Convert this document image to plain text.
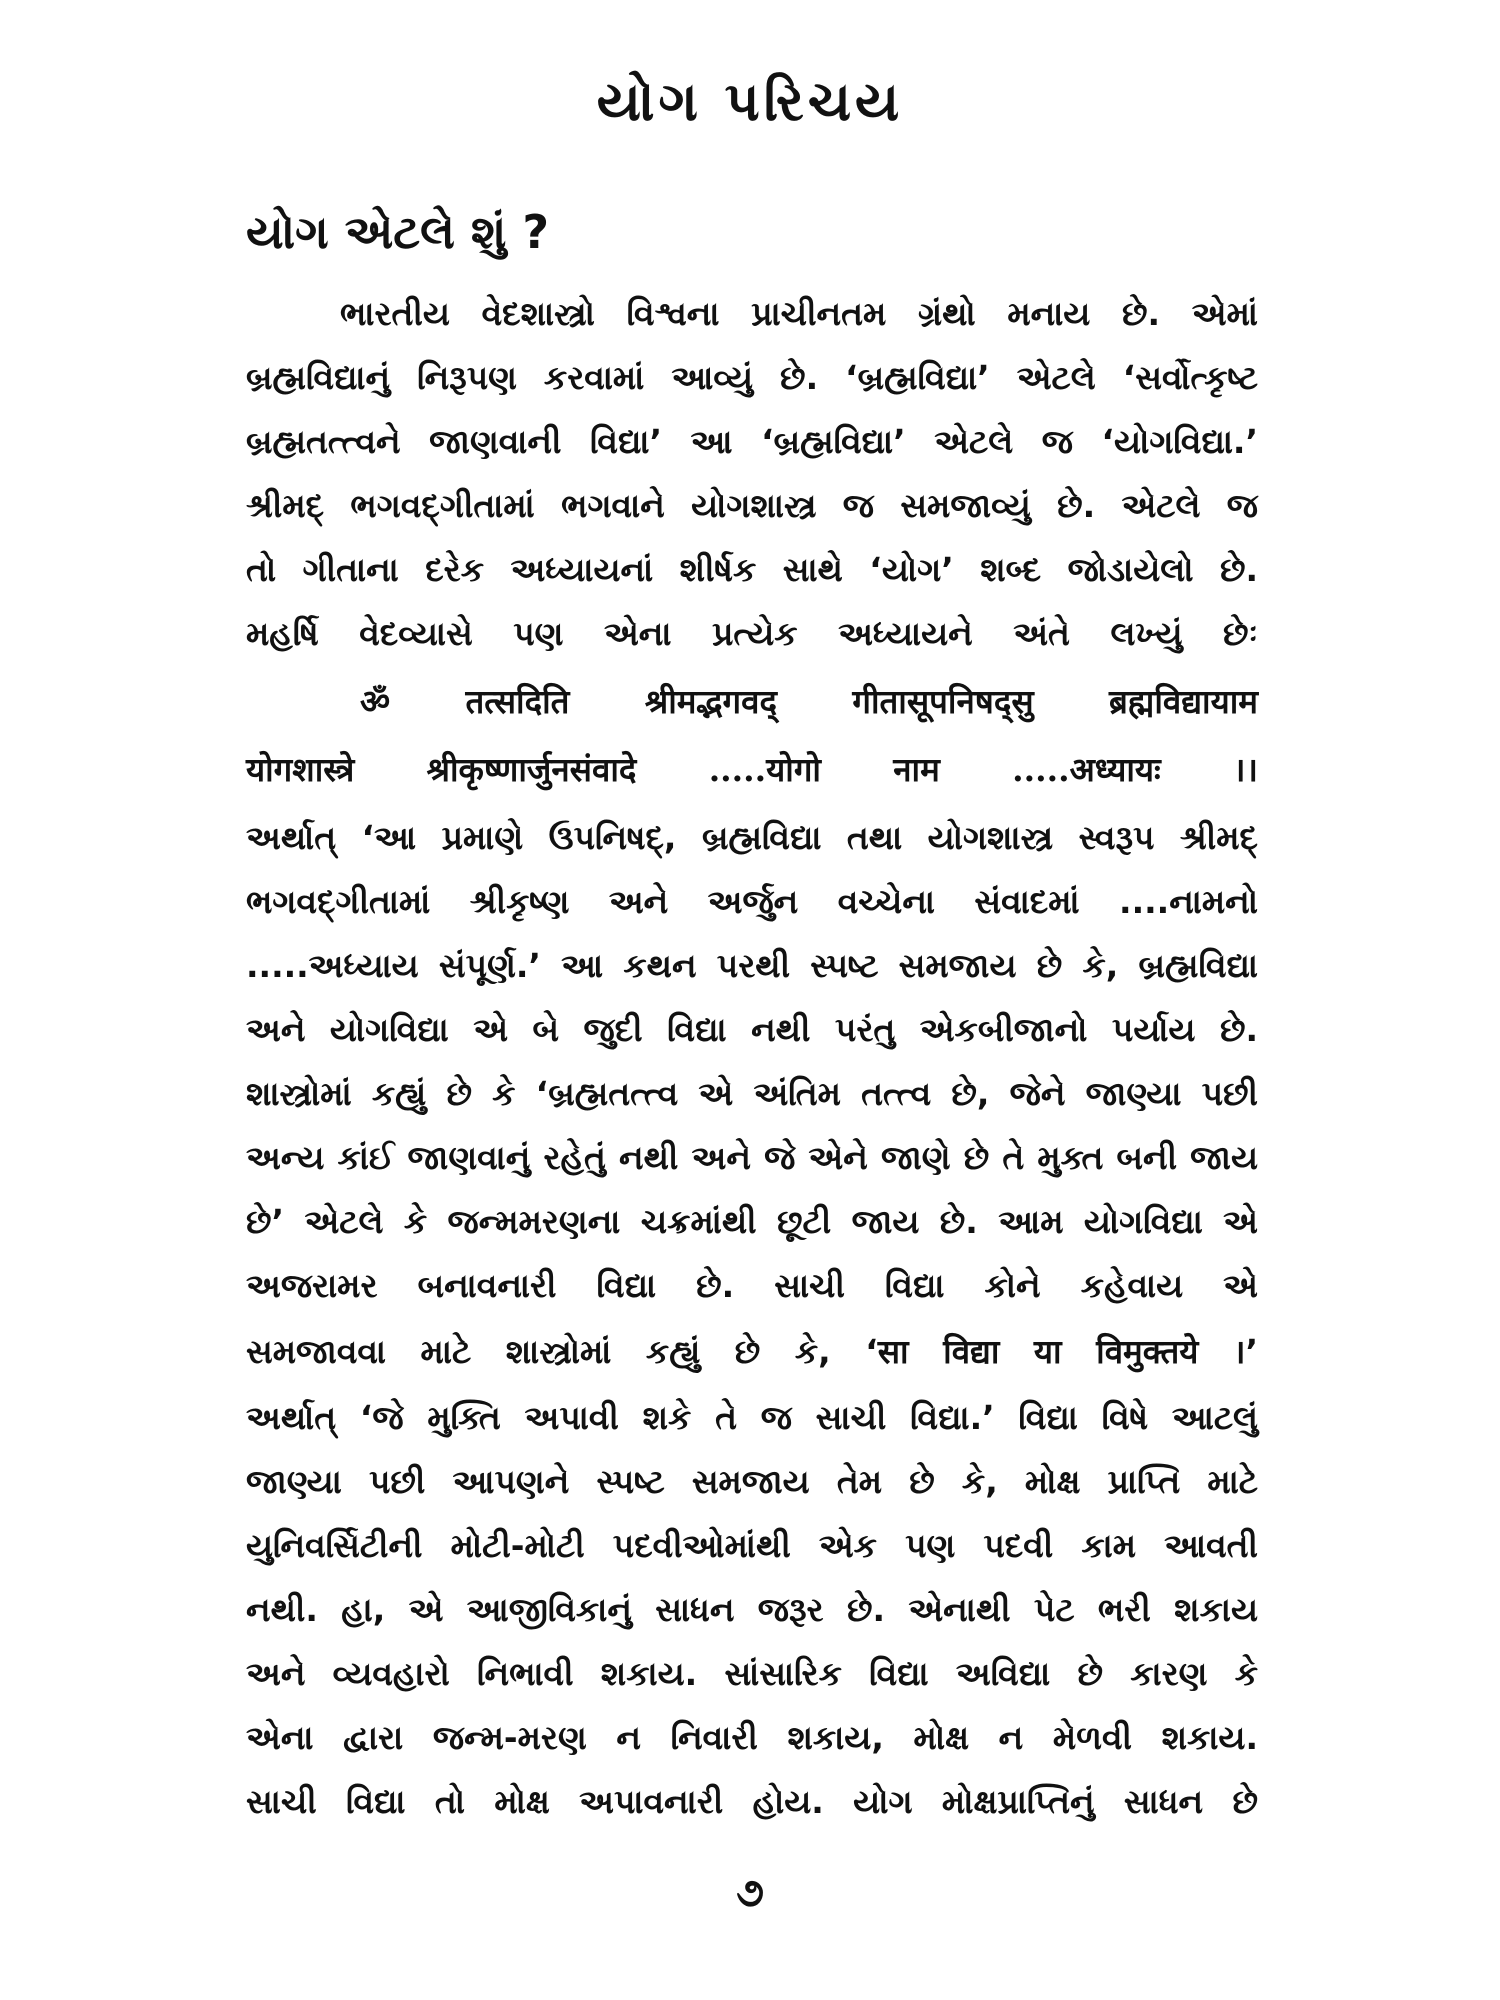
યોગ પરિચય
યોગ એટલે શું ?

ભારતીય વેદશાસ્ત્રો વિશ્વના પ્રાચીનતમ ગ્રંથો મનાય છે. એમાં

બ્રહ્મવિદ્યાનું નિરૂપણ કરવામાં આવ્યું છે. ‘બ્રહ્મવિદ્યા’ એટલે ‘સર્વોત્કૃષ્ટ

બ્રહ્મતત્ત્વને જાણવાની વિદ્યા’ આ ‘બ્રહ્મવિદ્યા’ એટલે જ ‘યોગવિદ્યા.’

શ્રીમદ્ ભગવદ્ગીતામાં ભગવાને યોગશાસ્ત્ર જ સમજાવ્યું છે. એટલે જ

તો ગીતાના દરેક અધ્યાયનાં શીર્ષક સાથે ‘યોગ’ શબ્દ જોડાયેલો છે.

મહર્ષિ વેદવ્યાસે પણ એના પ્રત્યેક અધ્યાયને અંતે લખ્યું છેઃ

ॐ तत्सदिति श्रीमद्भगवद् गीतासूपनिषद्सु ब्रह्मविद्यायाम

योगशास्त्रे श्रीकृष्णार्जुनसंवादे .....योगो नाम .....अध्यायः ।।

અર્થાત્ ‘આ પ્રમાણે ઉપનિષદ્, બ્રહ્મવિદ્યા તથા યોગશાસ્ત્ર સ્વરૂપ શ્રીમદ્

ભગવદ્ગીતામાં શ્રીકૃષ્ણ અને અર્જુન વચ્ચેના સંવાદમાં ....નામનો

.....અધ્યાય સંપૂર્ણ.’ આ કથન પરથી સ્પષ્ટ સમજાય છે કે, બ્રહ્મવિદ્યા

અને યોગવિદ્યા એ બે જુદી વિદ્યા નથી પરંતુ એકબીજાનો પર્યાય છે.

શાસ્ત્રોમાં કહ્યું છે કે ‘બ્રહ્મતત્ત્વ એ અંતિમ તત્ત્વ છે, જેને જાણ્યા પછી

અન્ય કાંઈ જાણવાનું રહેતું નથી અને જે એને જાણે છે તે મુક્ત બની જાય

છે’ એટલે કે જન્મમરણના ચક્રમાંથી છૂટી જાય છે. આમ યોગવિદ્યા એ

અજરામર બનાવનારી વિદ્યા છે. સાચી વિદ્યા કોને કહેવાય એ

સમજાવવા માટે શાસ્ત્રોમાં કહ્યું છે કે, ‘सा विद्या या विमुक्तये ।’

અર્થાત્ ‘જે મુક્તિ અપાવી શકે તે જ સાચી વિદ્યા.’ વિદ્યા વિષે આટલું

જાણ્યા પછી આપણને સ્પષ્ટ સમજાય તેમ છે કે, મોક્ષ પ્રાપ્તિ માટે

યુનિવર્સિટીની મોટી-મોટી પદવીઓમાંથી એક પણ પદવી કામ આવતી

નથી. હા, એ આજીવિકાનું સાધન જરૂર છે. એનાથી પેટ ભરી શકાય

અને વ્યવહારો નિભાવી શકાય. સાંસારિક વિદ્યા અવિદ્યા છે કારણ કે

એના દ્વારા જન્મ-મરણ ન નિવારી શકાય, મોક્ષ ન મેળવી શકાય.

સાચી વિદ્યા તો મોક્ષ અપાવનારી હોય. યોગ મોક્ષપ્રાપ્તિનું સાધન છે

૭
